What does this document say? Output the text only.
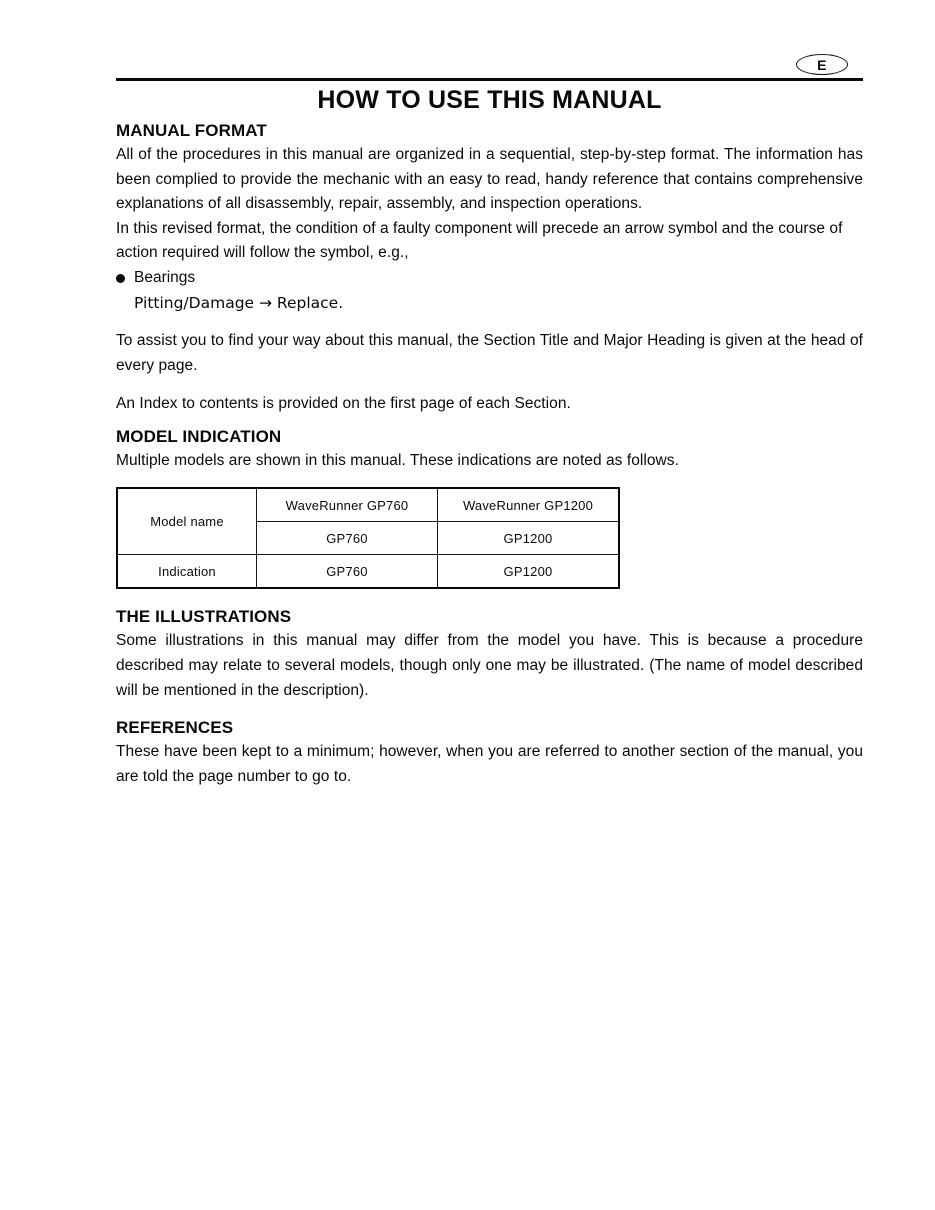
E
HOW TO USE THIS MANUAL
MANUAL FORMAT

All of the procedures in this manual are organized in a sequential, step-by-step format. The information has been complied to provide the mechanic with an easy to read, handy reference that contains comprehensive explanations of all disassembly, repair, assembly, and inspection operations.

In this revised format, the condition of a faulty component will precede an arrow symbol and the course of action required will follow the symbol, e.g.,

Bearings
Pitting/Damage → Replace.

To assist you to find your way about this manual, the Section Title and Major Heading is given at the head of every page.

An Index to contents is provided on the first page of each Section.

MODEL INDICATION

Multiple models are shown in this manual. These indications are noted as follows.

Model name	WaveRunner GP760	WaveRunner GP1200
	GP760	GP1200
Indication	GP760	GP1200
THE ILLUSTRATIONS

Some illustrations in this manual may differ from the model you have. This is because a procedure described may relate to several models, though only one may be illustrated. (The name of model described will be mentioned in the description).

REFERENCES

These have been kept to a minimum; however, when you are referred to another section of the manual, you are told the page number to go to.
